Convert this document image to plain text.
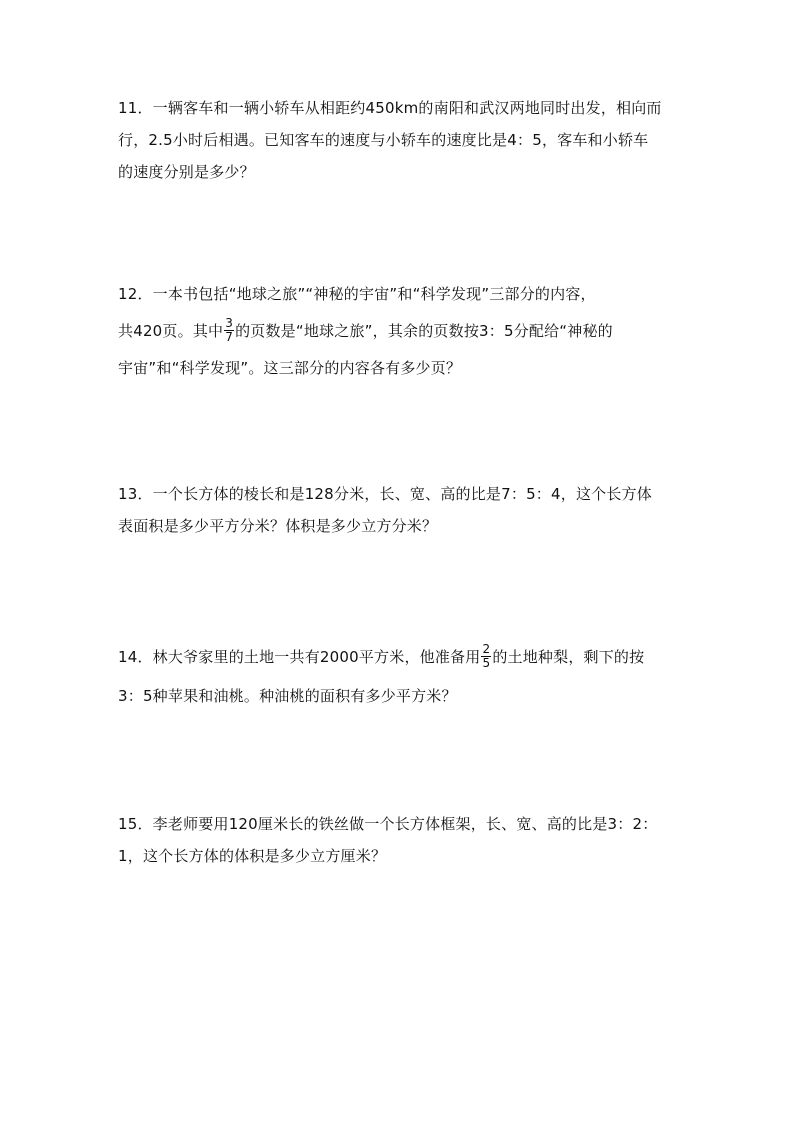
11．一辆客车和一辆小轿车从相距约450km的南阳和武汉两地同时出发，相向而
行，2.5小时后相遇。已知客车的速度与小轿车的速度比是4：5，客车和小轿车
的速度分别是多少？
12．一本书包括“地球之旅”“神秘的宇宙”和“科学发现”三部分的内容，
共420页。其中 $\frac{3}{7}$ 的页数是“地球之旅”，其余的页数按3：5分配给“神秘的
宇宙”和“科学发现”。这三部分的内容各有多少页？
13．一个长方体的棱长和是128分米，长、宽、高的比是7：5：4，这个长方体
表面积是多少平方分米？体积是多少立方分米？
14．林大爷家里的土地一共有2000平方米，他准备用 $\frac{2}{5}$ 的土地种梨，剩下的按
3：5种苹果和油桃。种油桃的面积有多少平方米？
15．李老师要用120厘米长的铁丝做一个长方体框架，长、宽、高的比是3：2：
1，这个长方体的体积是多少立方厘米？
